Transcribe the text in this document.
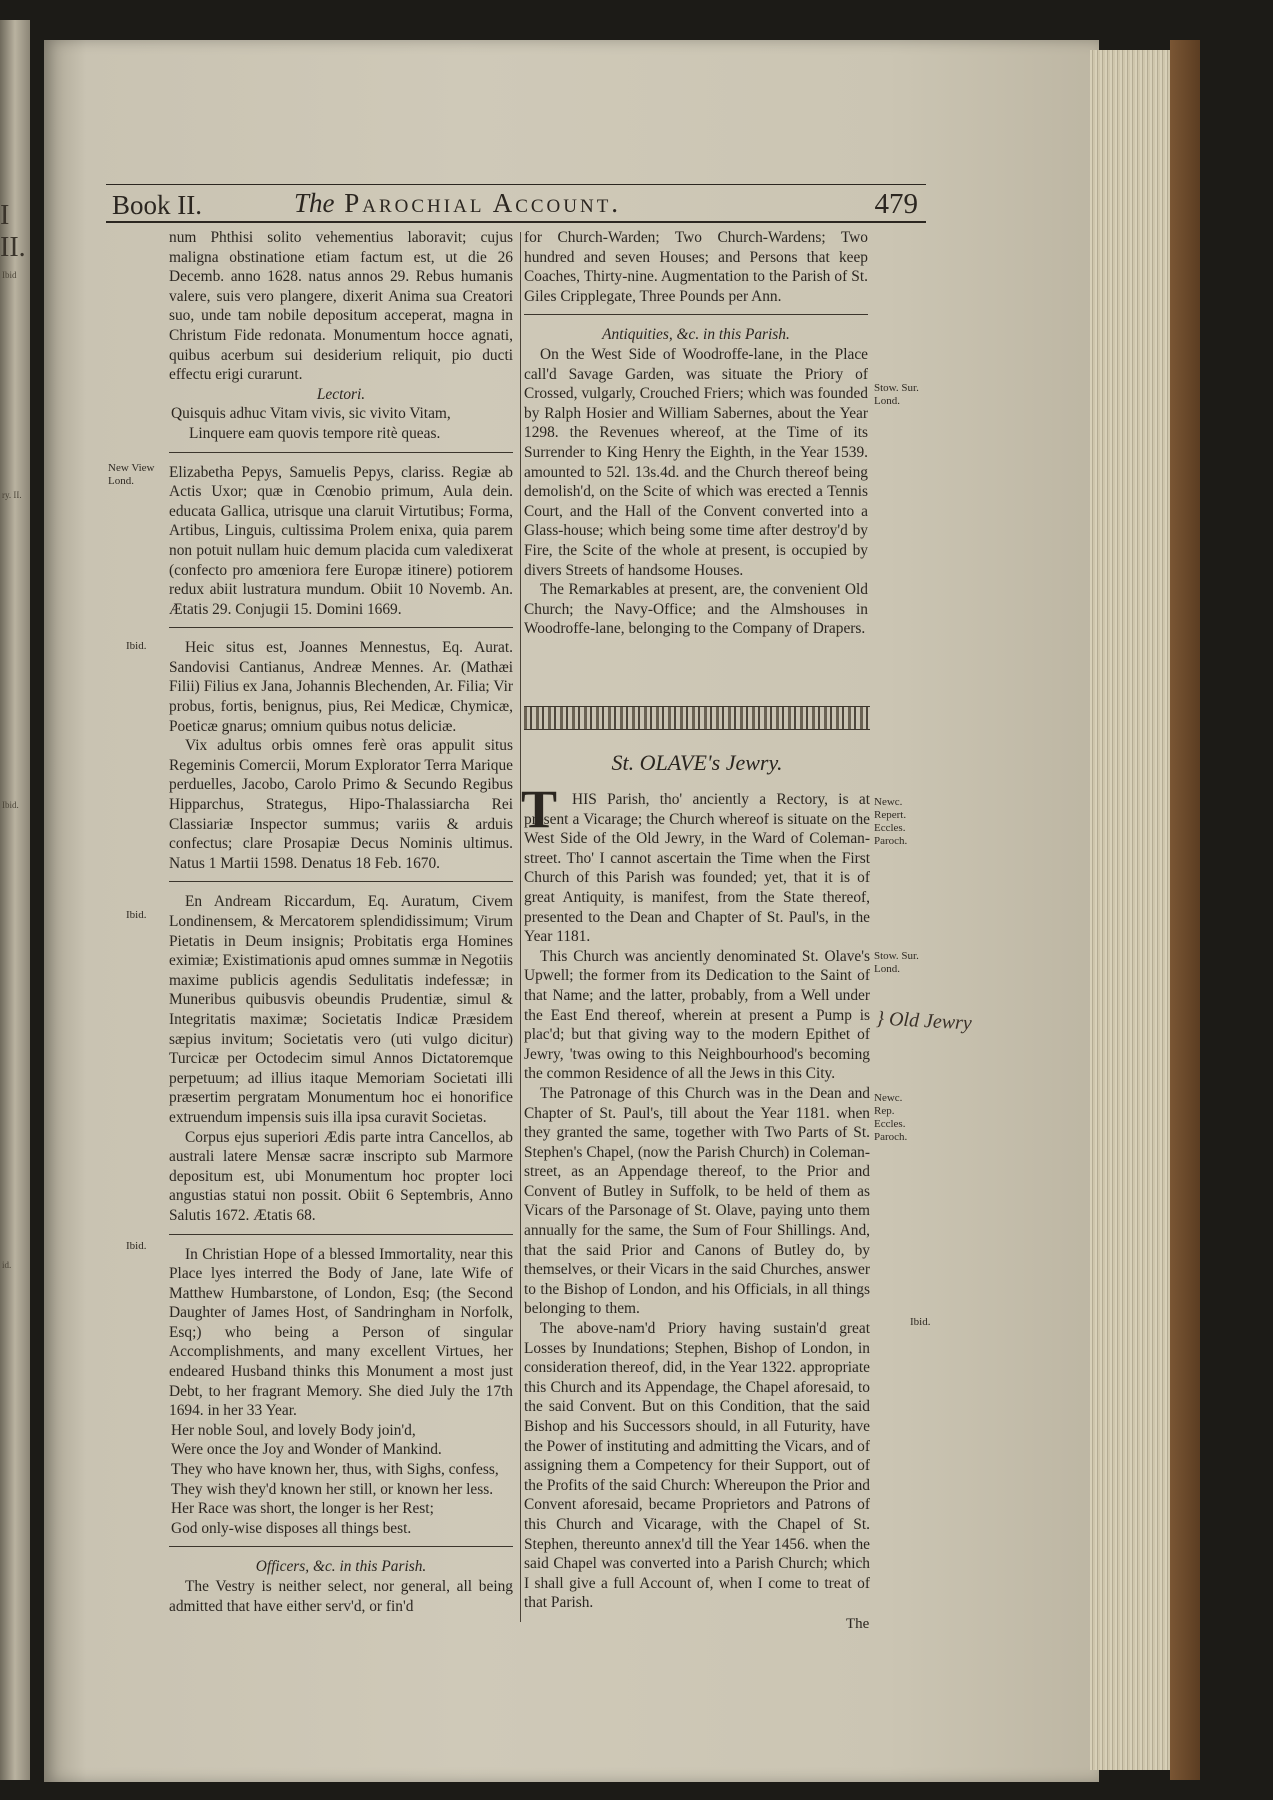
I II.
Ibid
ry. II.
Ibid.
id.
Book II.	The Parochial Account.	479

num Phthisi solito vehementius laboravit; cujus maligna obstinatione etiam factum est, ut die 26 Decemb. anno 1628. natus annos 29. Rebus humanis valere, suis vero plangere, dixerit Anima sua Creatori suo, unde tam nobile depositum acceperat, magna in Christum Fide redonata. Monumentum hocce agnati, quibus acerbum sui desiderium reliquit, pio ducti effectu erigi curarunt.

Lectori.

Quisquis adhuc Vitam vivis, sic vivito Vitam,

Linquere eam quovis tempore ritè queas.

Elizabetha Pepys, Samuelis Pepys, clariss. Regiæ ab Actis Uxor; quæ in Cœnobio primum, Aula dein. educata Gallica, utrisque una claruit Virtutibus; Forma, Artibus, Linguis, cultissima Prolem enixa, quia parem non potuit nullam huic demum placida cum valedixerat (confecto pro amœniora fere Europæ itinere) potiorem redux abiit lustratura mundum. Obiit 10 Novemb. An. Ætatis 29. Conjugii 15. Domini 1669.

Heic situs est, Joannes Mennestus, Eq. Aurat. Sandovisi Cantianus, Andreæ Mennes. Ar. (Mathæi Filii) Filius ex Jana, Johannis Blechenden, Ar. Filia; Vir probus, fortis, benignus, pius, Rei Medicæ, Chymicæ, Poeticæ gnarus; omnium quibus notus deliciæ.

Vix adultus orbis omnes ferè oras appulit situs Regeminis Comercii, Morum Explorator Terra Marique perduelles, Jacobo, Carolo Primo & Secundo Regibus Hipparchus, Strategus, Hipo-Thalassiarcha Rei Classiariæ Inspector summus; variis & arduis confectus; clare Prosapiæ Decus Nominis ultimus. Natus 1 Martii 1598. Denatus 18 Feb. 1670.

En Andream Riccardum, Eq. Auratum, Civem Londinensem, & Mercatorem splendidissimum; Virum Pietatis in Deum insignis; Probitatis erga Homines eximiæ; Existimationis apud omnes summæ in Negotiis maxime publicis agendis Sedulitatis indefessæ; in Muneribus quibusvis obeundis Prudentiæ, simul & Integritatis maximæ; Societatis Indicæ Præsidem sæpius invitum; Societatis vero (uti vulgo dicitur) Turcicæ per Octodecim simul Annos Dictatoremque perpetuum; ad illius itaque Memoriam Societati illi præsertim pergratam Monumentum hoc ei honorifice extruendum impensis suis illa ipsa curavit Societas.

Corpus ejus superiori Ædis parte intra Cancellos, ab australi latere Mensæ sacræ inscripto sub Marmore depositum est, ubi Monumentum hoc propter loci angustias statui non possit. Obiit 6 Septembris, Anno Salutis 1672. Ætatis 68.

In Christian Hope of a blessed Immortality, near this Place lyes interred the Body of Jane, late Wife of Matthew Humbarstone, of London, Esq; (the Second Daughter of James Host, of Sandringham in Norfolk, Esq;) who being a Person of singular Accomplishments, and many excellent Virtues, her endeared Husband thinks this Monument a most just Debt, to her fragrant Memory. She died July the 17th 1694. in her 33 Year.

Her noble Soul, and lovely Body join'd,

Were once the Joy and Wonder of Mankind.

They who have known her, thus, with Sighs, confess,

They wish they'd known her still, or known her less.

Her Race was short, the longer is her Rest;

God only-wise disposes all things best.

Officers, &c. in this Parish.

The Vestry is neither select, nor general, all being admitted that have either serv'd, or fin'd

New View Lond.
Ibid.
Ibid.
Ibid.

for Church-Warden; Two Church-Wardens; Two hundred and seven Houses; and Persons that keep Coaches, Thirty-nine. Augmentation to the Parish of St. Giles Cripplegate, Three Pounds per Ann.

Antiquities, &c. in this Parish.

On the West Side of Woodroffe-lane, in the Place call'd Savage Garden, was situate the Priory of Crossed, vulgarly, Crouched Friers; which was founded by Ralph Hosier and William Sabernes, about the Year 1298. the Revenues whereof, at the Time of its Surrender to King Henry the Eighth, in the Year 1539. amounted to 52l. 13s.4d. and the Church thereof being demolish'd, on the Scite of which was erected a Tennis Court, and the Hall of the Convent converted into a Glass-house; which being some time after destroy'd by Fire, the Scite of the whole at present, is occupied by divers Streets of handsome Houses.

The Remarkables at present, are, the convenient Old Church; the Navy-Office; and the Almshouses in Woodroffe-lane, belonging to the Company of Drapers.

St. OLAVE's Jewry.
T HIS Parish, tho' anciently a Rectory, is at present a Vicarage; the Church whereof is situate on the West Side of the Old Jewry, in the Ward of Coleman-street. Tho' I cannot ascertain the Time when the First Church of this Parish was founded; yet, that it is of great Antiquity, is manifest, from the State thereof, presented to the Dean and Chapter of St. Paul's, in the Year 1181.

This Church was anciently denominated St. Olave's Upwell; the former from its Dedication to the Saint of that Name; and the latter, probably, from a Well under the East End thereof, wherein at present a Pump is plac'd; but that giving way to the modern Epithet of Jewry, 'twas owing to this Neighbourhood's becoming the common Residence of all the Jews in this City.

The Patronage of this Church was in the Dean and Chapter of St. Paul's, till about the Year 1181. when they granted the same, together with Two Parts of St. Stephen's Chapel, (now the Parish Church) in Coleman-street, as an Appendage thereof, to the Prior and Convent of Butley in Suffolk, to be held of them as Vicars of the Parsonage of St. Olave, paying unto them annually for the same, the Sum of Four Shillings. And, that the said Prior and Canons of Butley do, by themselves, or their Vicars in the said Churches, answer to the Bishop of London, and his Officials, in all things belonging to them.

The above-nam'd Priory having sustain'd great Losses by Inundations; Stephen, Bishop of London, in consideration thereof, did, in the Year 1322. appropriate this Church and its Appendage, the Chapel aforesaid, to the said Convent. But on this Condition, that the said Bishop and his Successors should, in all Futurity, have the Power of instituting and admitting the Vicars, and of assigning them a Competency for their Support, out of the Profits of the said Church: Whereupon the Prior and Convent aforesaid, became Proprietors and Patrons of this Church and Vicarage, with the Chapel of St. Stephen, thereunto annex'd till the Year 1456. when the said Chapel was converted into a Parish Church; which I shall give a full Account of, when I come to treat of that Parish.

The
Stow. Sur. Lond.
Newc. Repert. Eccles. Paroch.
Stow. Sur. Lond.
Newc. Rep. Eccles. Paroch.
Ibid.
} Old Jewry
